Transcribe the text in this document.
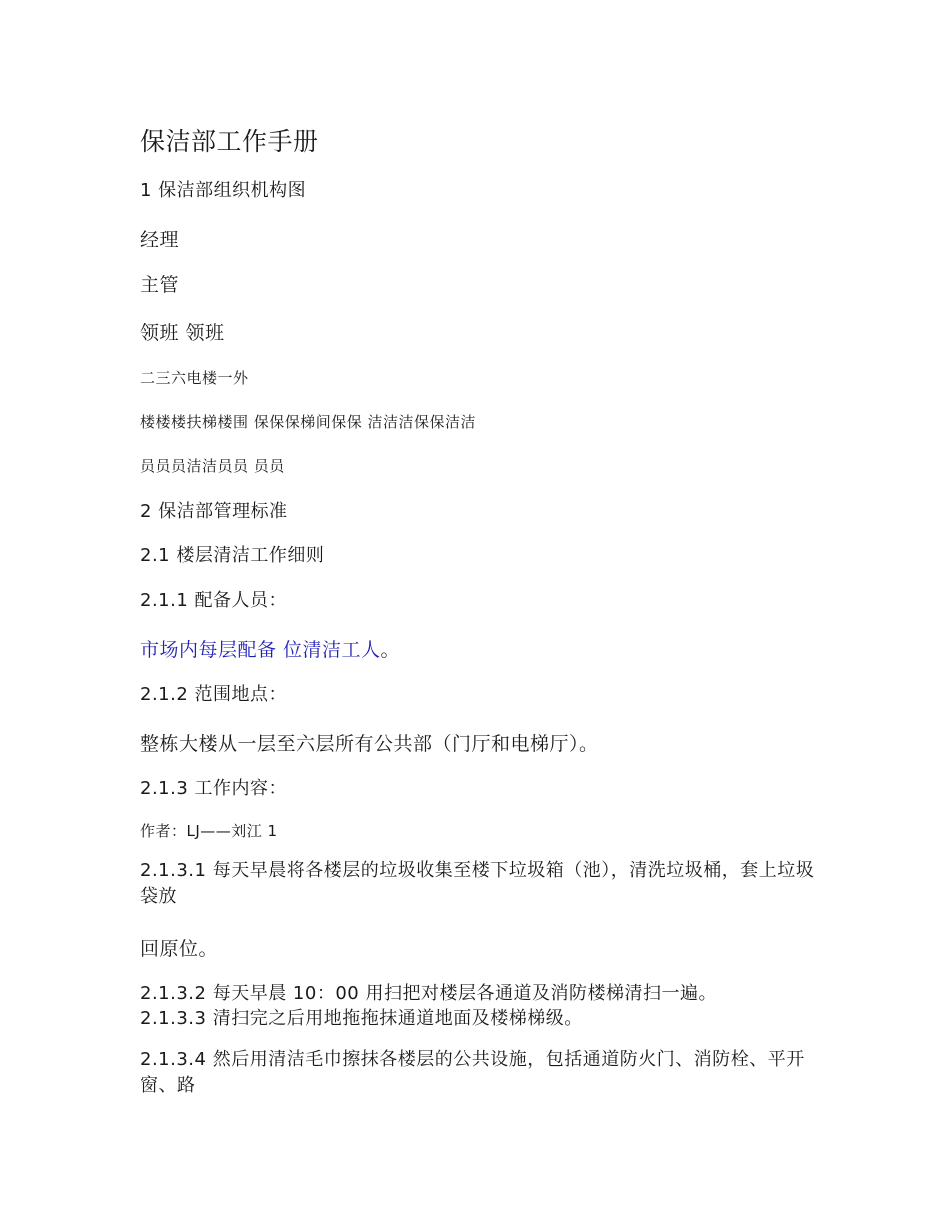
保洁部工作手册
1 保洁部组织机构图
经理
主管
领班 领班
二三六电楼一外
楼楼楼扶梯楼围 保保保梯间保保 洁洁洁保保洁洁
员员员洁洁员员 员员
2 保洁部管理标准
2.1 楼层清洁工作细则
2.1.1 配备人员：
市场内每层配备 位清洁工人。
2.1.2 范围地点：
整栋大楼从一层至六层所有公共部（门厅和电梯厅）。
2.1.3 工作内容：
作者：LJ——刘江 1
2.1.3.1 每天早晨将各楼层的垃圾收集至楼下垃圾箱（池），清洗垃圾桶，套上垃圾袋放
回原位。
2.1.3.2 每天早晨 10：00 用扫把对楼层各通道及消防楼梯清扫一遍。
2.1.3.3 清扫完之后用地拖拖抹通道地面及楼梯梯级。
2.1.3.4 然后用清洁毛巾擦抹各楼层的公共设施，包括通道防火门、消防栓、平开窗、路
